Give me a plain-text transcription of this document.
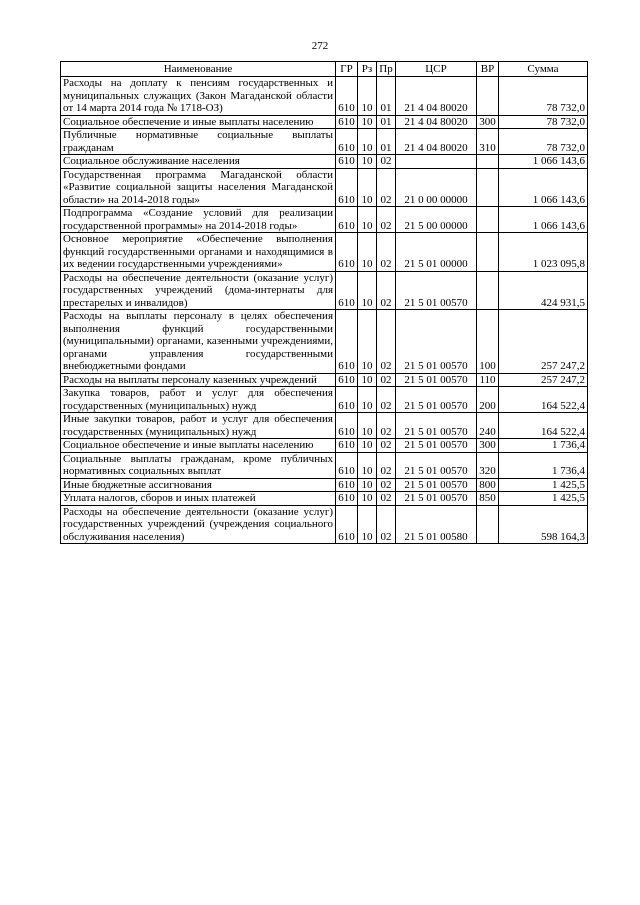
272
Наименование	ГР	Рз	Пр	ЦСР	ВР	Сумма
Расходы на доплату к пенсиям государственных и муниципальных служащих (Закон Магаданской области от 14 марта 2014 года № 1718-ОЗ)	610	10	01	21 4 04 80020		78 732,0
Социальное обеспечение и иные выплаты населению	610	10	01	21 4 04 80020	300	78 732,0
Публичные нормативные социальные выплаты гражданам	610	10	01	21 4 04 80020	310	78 732,0
Социальное обслуживание населения	610	10	02			1 066 143,6
Государственная программа Магаданской области «Развитие социальной защиты населения Магаданской области» на 2014-2018 годы»	610	10	02	21 0 00 00000		1 066 143,6
Подпрограмма «Создание условий для реализации государственной программы» на 2014-2018 годы»	610	10	02	21 5 00 00000		1 066 143,6
Основное мероприятие «Обеспечение выполнения функций государственными органами и находящимися в их ведении государственными учреждениями»	610	10	02	21 5 01 00000		1 023 095,8
Расходы на обеспечение деятельности (оказание услуг) государственных учреждений (дома-интернаты для престарелых и инвалидов)	610	10	02	21 5 01 00570		424 931,5
Расходы на выплаты персоналу в целях обеспечения выполнения функций государственными (муниципальными) органами, казенными учреждениями, органами управления государственными внебюджетными фондами	610	10	02	21 5 01 00570	100	257 247,2
Расходы на выплаты персоналу казенных учреждений	610	10	02	21 5 01 00570	110	257 247,2
Закупка товаров, работ и услуг для обеспечения государственных (муниципальных) нужд	610	10	02	21 5 01 00570	200	164 522,4
Иные закупки товаров, работ и услуг для обеспечения государственных (муниципальных) нужд	610	10	02	21 5 01 00570	240	164 522,4
Социальное обеспечение и иные выплаты населению	610	10	02	21 5 01 00570	300	1 736,4
Социальные выплаты гражданам, кроме публичных нормативных социальных выплат	610	10	02	21 5 01 00570	320	1 736,4
Иные бюджетные ассигнования	610	10	02	21 5 01 00570	800	1 425,5
Уплата налогов, сборов и иных платежей	610	10	02	21 5 01 00570	850	1 425,5
Расходы на обеспечение деятельности (оказание услуг) государственных учреждений (учреждения социального обслуживания населения)	610	10	02	21 5 01 00580		598 164,3
